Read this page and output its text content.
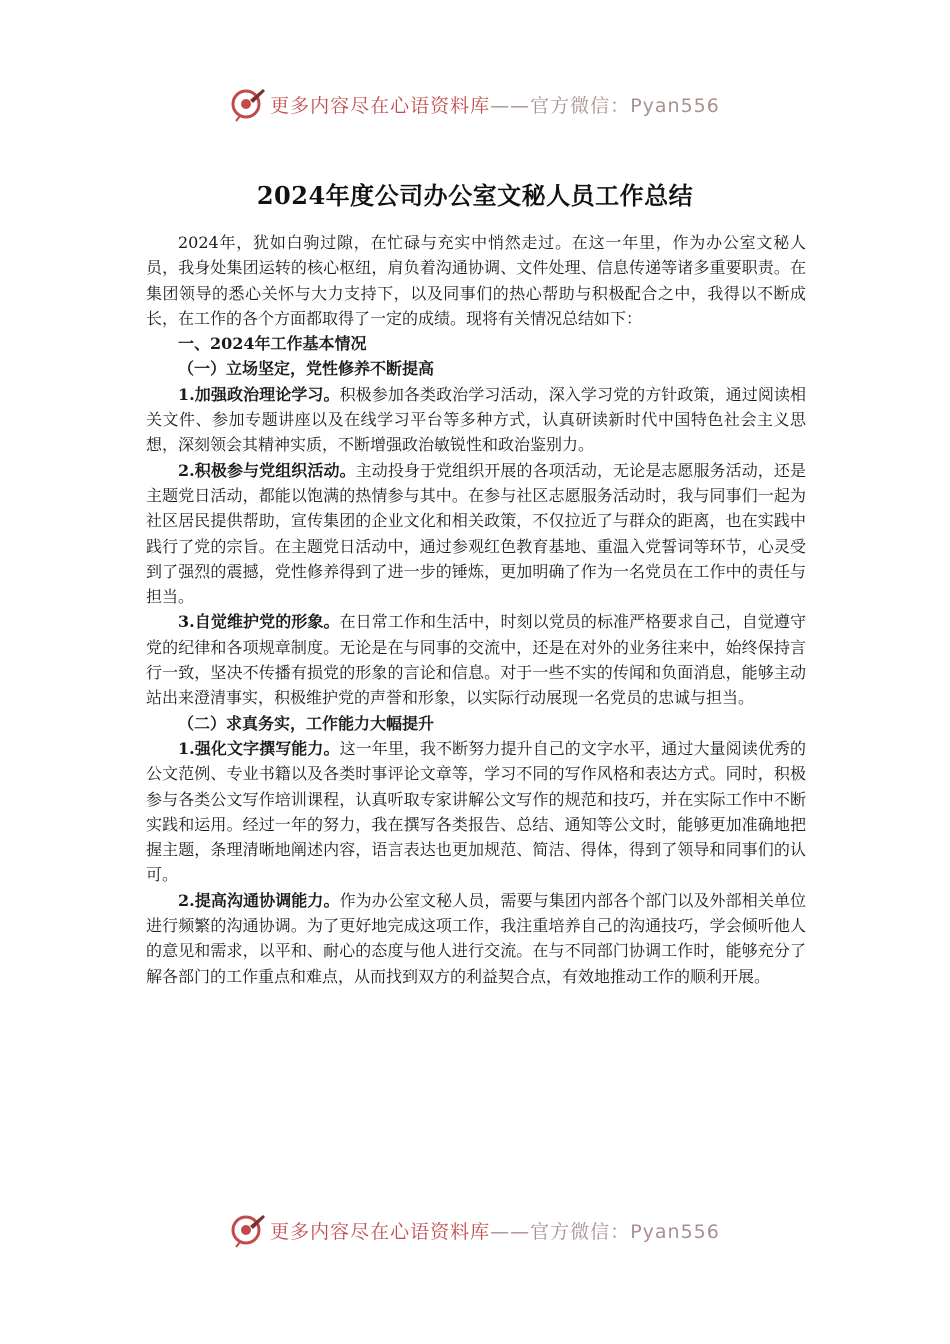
更多内容尽在心语资料库——官方微信：Pyan556
2024年度公司办公室文秘人员工作总结

2024年，犹如白驹过隙，在忙碌与充实中悄然走过。在这一年里，作为办公室文秘人员，我身处集团运转的核心枢纽，肩负着沟通协调、文件处理、信息传递等诸多重要职责。在集团领导的悉心关怀与大力支持下，以及同事们的热心帮助与积极配合之中，我得以不断成长，在工作的各个方面都取得了一定的成绩。现将有关情况总结如下：

一、2024年工作基本情况

（一）立场坚定，党性修养不断提高

1.加强政治理论学习。积极参加各类政治学习活动，深入学习党的方针政策，通过阅读相关文件、参加专题讲座以及在线学习平台等多种方式，认真研读新时代中国特色社会主义思想，深刻领会其精神实质，不断增强政治敏锐性和政治鉴别力。

2.积极参与党组织活动。主动投身于党组织开展的各项活动，无论是志愿服务活动，还是主题党日活动，都能以饱满的热情参与其中。在参与社区志愿服务活动时，我与同事们一起为社区居民提供帮助，宣传集团的企业文化和相关政策，不仅拉近了与群众的距离，也在实践中践行了党的宗旨。在主题党日活动中，通过参观红色教育基地、重温入党誓词等环节，心灵受到了强烈的震撼，党性修养得到了进一步的锤炼，更加明确了作为一名党员在工作中的责任与担当。

3.自觉维护党的形象。在日常工作和生活中，时刻以党员的标准严格要求自己，自觉遵守党的纪律和各项规章制度。无论是在与同事的交流中，还是在对外的业务往来中，始终保持言行一致，坚决不传播有损党的形象的言论和信息。对于一些不实的传闻和负面消息，能够主动站出来澄清事实，积极维护党的声誉和形象，以实际行动展现一名党员的忠诚与担当。

（二）求真务实，工作能力大幅提升

1.强化文字撰写能力。这一年里，我不断努力提升自己的文字水平，通过大量阅读优秀的公文范例、专业书籍以及各类时事评论文章等，学习不同的写作风格和表达方式。同时，积极参与各类公文写作培训课程，认真听取专家讲解公文写作的规范和技巧，并在实际工作中不断实践和运用。经过一年的努力，我在撰写各类报告、总结、通知等公文时，能够更加准确地把握主题，条理清晰地阐述内容，语言表达也更加规范、简洁、得体，得到了领导和同事们的认可。

2.提高沟通协调能力。作为办公室文秘人员，需要与集团内部各个部门以及外部相关单位进行频繁的沟通协调。为了更好地完成这项工作，我注重培养自己的沟通技巧，学会倾听他人的意见和需求，以平和、耐心的态度与他人进行交流。在与不同部门协调工作时，能够充分了解各部门的工作重点和难点，从而找到双方的利益契合点，有效地推动工作的顺利开展。

更多内容尽在心语资料库——官方微信：Pyan556
